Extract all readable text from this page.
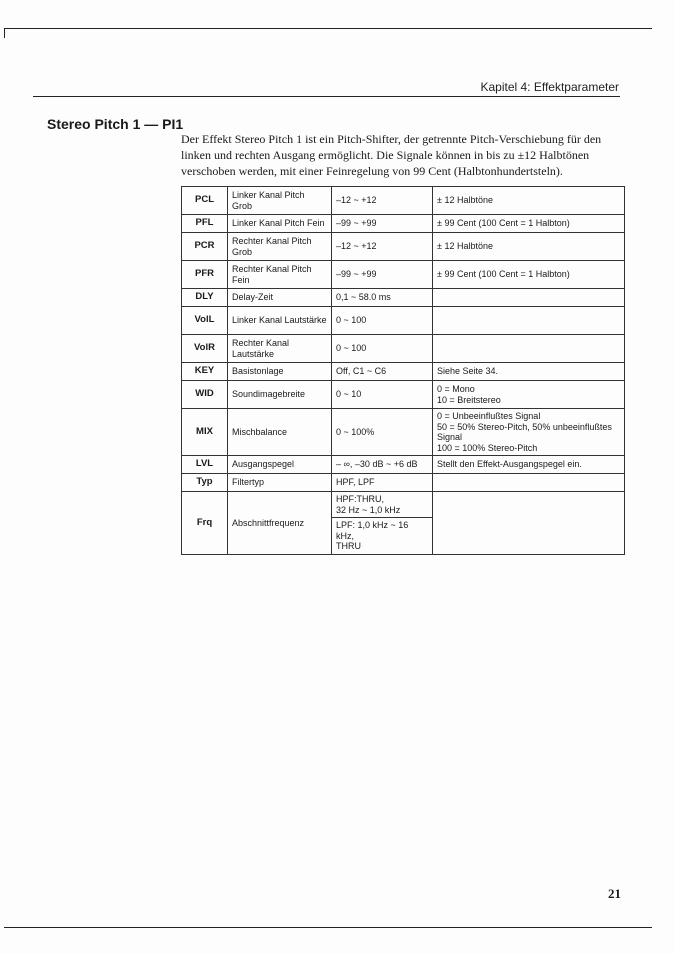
Kapitel 4: Effektparameter
Stereo Pitch 1 — PI1
Der Effekt Stereo Pitch 1 ist ein Pitch-Shifter, der getrennte Pitch-Verschiebung für den linken und rechten Ausgang ermöglicht. Die Signale können in bis zu ±12 Halbtönen verschoben werden, mit einer Feinregelung von 99 Cent (Halbtonhundertsteln).
PCL	Linker Kanal Pitch Grob	–12 ~ +12	± 12 Halbtöne
PFL	Linker Kanal Pitch Fein	–99 ~ +99	± 99 Cent (100 Cent = 1 Halbton)
PCR	Rechter Kanal Pitch Grob	–12 ~ +12	± 12 Halbtöne
PFR	Rechter Kanal Pitch Fein	–99 ~ +99	± 99 Cent (100 Cent = 1 Halbton)
DLY	Delay-Zeit	0,1 ~ 58.0 ms	
VolL	Linker Kanal Lautstärke	0 ~ 100	
VolR	Rechter Kanal Lautstärke	0 ~ 100	
KEY	Basistonlage	Off, C1 ~ C6	Siehe Seite 34.
WID	Soundimagebreite	0 ~ 10	0 = Mono
10 = Breitstereo
MIX	Mischbalance	0 ~ 100%	0 = Unbeeinflußtes Signal
50 = 50% Stereo-Pitch, 50% unbeeinflußtes Signal
100 = 100% Stereo-Pitch
LVL	Ausgangspegel	– ∞, –30 dB ~ +6 dB	Stellt den Effekt-Ausgangspegel ein.
Typ	Filtertyp	HPF, LPF	
Frq	Abschnittfrequenz	HPF:THRU,
32 Hz ~ 1,0 kHz	

		LPF: 1,0 kHz ~ 16 kHz,
THRU	
21
